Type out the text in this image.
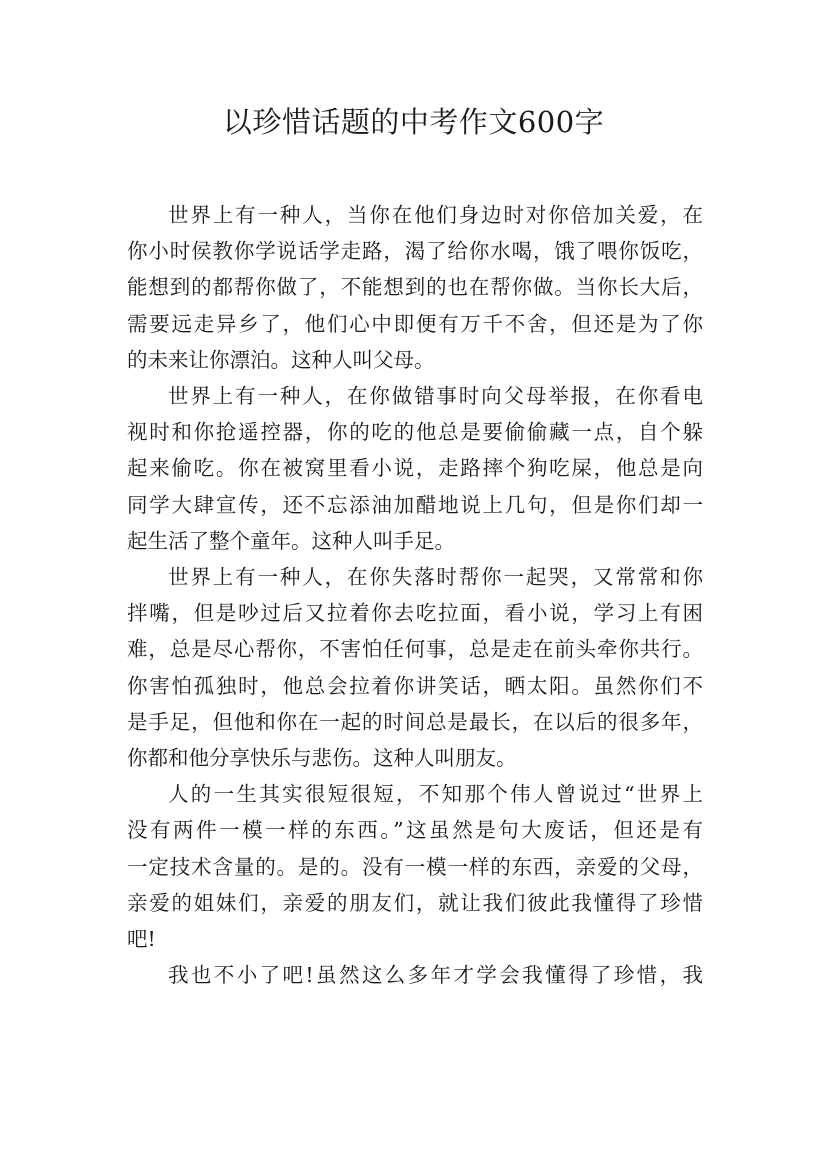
以珍惜话题的中考作文600字

世界上有一种人，当你在他们身边时对你倍加关爱，在
你小时侯教你学说话学走路，渴了给你水喝，饿了喂你饭吃，
能想到的都帮你做了，不能想到的也在帮你做。当你长大后，
需要远走异乡了，他们心中即便有万千不舍，但还是为了你
的未来让你漂泊。这种人叫父母。

世界上有一种人，在你做错事时向父母举报，在你看电
视时和你抢遥控器，你的吃的他总是要偷偷藏一点，自个躲
起来偷吃。你在被窝里看小说，走路摔个狗吃屎，他总是向
同学大肆宣传，还不忘添油加醋地说上几句，但是你们却一
起生活了整个童年。这种人叫手足。

世界上有一种人，在你失落时帮你一起哭，又常常和你
拌嘴，但是吵过后又拉着你去吃拉面，看小说，学习上有困
难，总是尽心帮你，不害怕任何事，总是走在前头牵你共行。
你害怕孤独时，他总会拉着你讲笑话，晒太阳。虽然你们不
是手足，但他和你在一起的时间总是最长，在以后的很多年，
你都和他分享快乐与悲伤。这种人叫朋友。

人的一生其实很短很短，不知那个伟人曾说过“世界上
没有两件一模一样的东西。”这虽然是句大废话，但还是有
一定技术含量的。是的。没有一模一样的东西，亲爱的父母，
亲爱的姐妹们，亲爱的朋友们，就让我们彼此我懂得了珍惜
吧!

我也不小了吧!虽然这么多年才学会我懂得了珍惜，我
